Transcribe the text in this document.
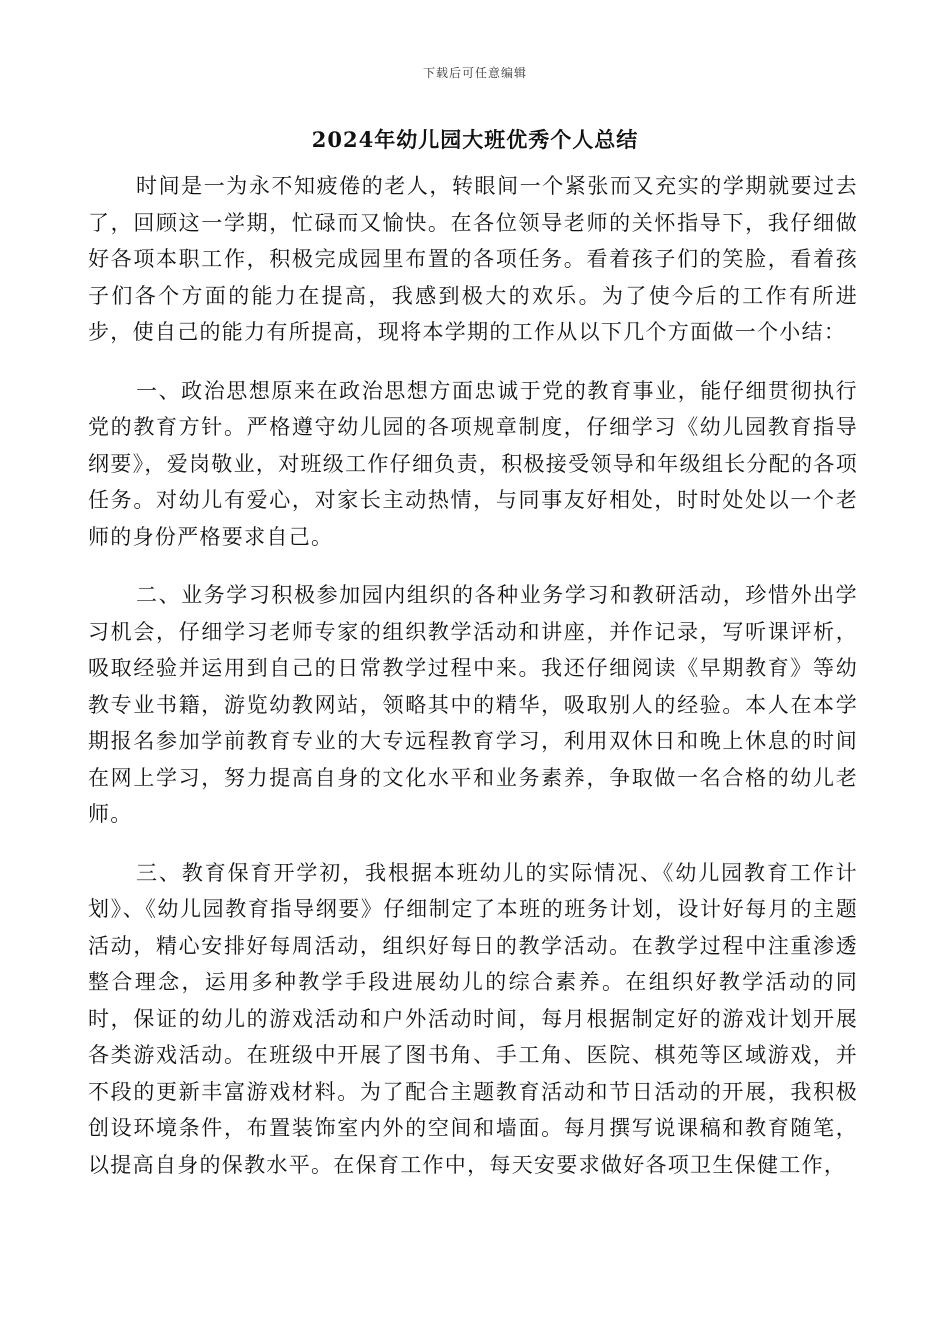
下载后可任意编辑
2024年幼儿园大班优秀个人总结

时间是一为永不知疲倦的老人，转眼间一个紧张而又充实的学期就要过去了，回顾这一学期，忙碌而又愉快。在各位领导老师的关怀指导下，我仔细做好各项本职工作，积极完成园里布置的各项任务。看着孩子们的笑脸，看着孩子们各个方面的能力在提高，我感到极大的欢乐。为了使今后的工作有所进步，使自己的能力有所提高，现将本学期的工作从以下几个方面做一个小结：

一、政治思想原来在政治思想方面忠诚于党的教育事业，能仔细贯彻执行党的教育方针。严格遵守幼儿园的各项规章制度，仔细学习《幼儿园教育指导纲要》，爱岗敬业，对班级工作仔细负责，积极接受领导和年级组长分配的各项任务。对幼儿有爱心，对家长主动热情，与同事友好相处，时时处处以一个老师的身份严格要求自己。

二、业务学习积极参加园内组织的各种业务学习和教研活动，珍惜外出学习机会，仔细学习老师专家的组织教学活动和讲座，并作记录，写听课评析，吸取经验并运用到自己的日常教学过程中来。我还仔细阅读《早期教育》等幼教专业书籍，游览幼教网站，领略其中的精华，吸取别人的经验。本人在本学期报名参加学前教育专业的大专远程教育学习，利用双休日和晚上休息的时间在网上学习，努力提高自身的文化水平和业务素养，争取做一名合格的幼儿老师。

三、教育保育开学初，我根据本班幼儿的实际情况、《幼儿园教育工作计划》、《幼儿园教育指导纲要》仔细制定了本班的班务计划，设计好每月的主题活动，精心安排好每周活动，组织好每日的教学活动。在教学过程中注重渗透整合理念，运用多种教学手段进展幼儿的综合素养。在组织好教学活动的同时，保证的幼儿的游戏活动和户外活动时间，每月根据制定好的游戏计划开展各类游戏活动。在班级中开展了图书角、手工角、医院、棋苑等区域游戏，并不段的更新丰富游戏材料。为了配合主题教育活动和节日活动的开展，我积极创设环境条件，布置装饰室内外的空间和墙面。每月撰写说课稿和教育随笔，以提高自身的保教水平。在保育工作中，每天安要求做好各项卫生保健工作，
